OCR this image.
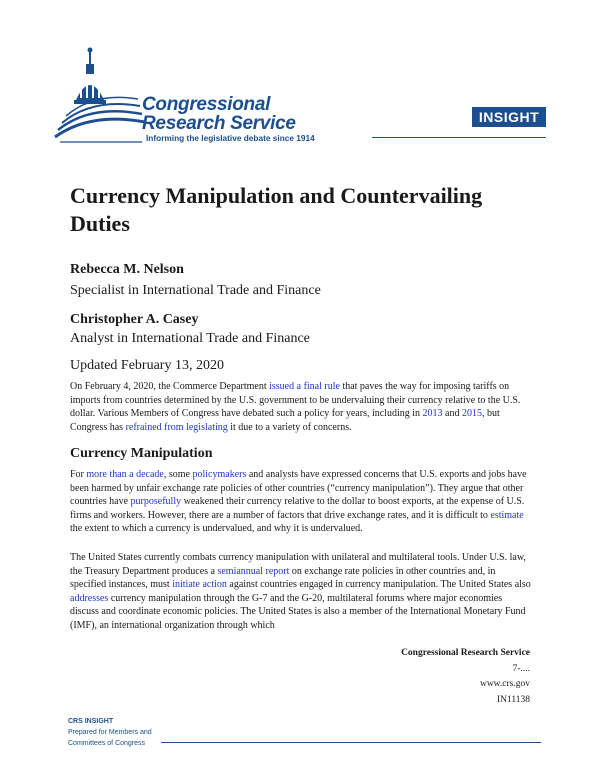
Congressional
Research Service
Informing the legislative debate since 1914
INSIGHT
Currency Manipulation and Countervailing Duties
Rebecca M. Nelson
Specialist in International Trade and Finance
Christopher A. Casey
Analyst in International Trade and Finance
Updated February 13, 2020

On February 4, 2020, the Commerce Department issued a final rule that paves the way for imposing tariffs on imports from countries determined by the U.S. government to be undervaluing their currency relative to the U.S. dollar. Various Members of Congress have debated such a policy for years, including in 2013 and 2015, but Congress has refrained from legislating it due to a variety of concerns.

Currency Manipulation

For more than a decade, some policymakers and analysts have expressed concerns that U.S. exports and jobs have been harmed by unfair exchange rate policies of other countries (“currency manipulation”). They argue that other countries have purposefully weakened their currency relative to the dollar to boost exports, at the expense of U.S. firms and workers. However, there are a number of factors that drive exchange rates, and it is difficult to estimate the extent to which a currency is undervalued, and why it is undervalued.

The United States currently combats currency manipulation with unilateral and multilateral tools. Under U.S. law, the Treasury Department produces a semiannual report on exchange rate policies in other countries and, in specified instances, must initiate action against countries engaged in currency manipulation. The United States also addresses currency manipulation through the G-7 and the G-20, multilateral forums where major economies discuss and coordinate economic policies. The United States is also a member of the International Monetary Fund (IMF), an international organization through which

Congressional Research Service
7-....
www.crs.gov
IN11138
CRS INSIGHT
Prepared for Members and
Committees of Congress
